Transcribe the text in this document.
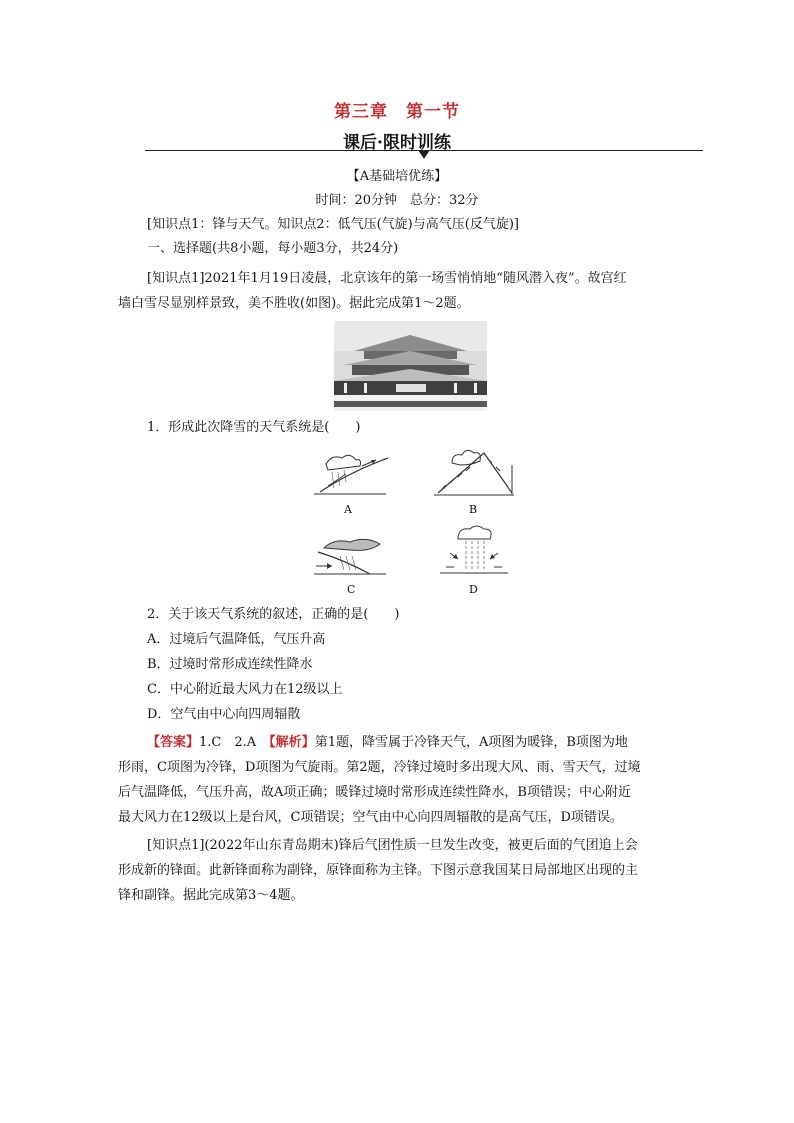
第三章　第一节
课后·限时训练
【A基础培优练】
时间：20分钟　总分：32分
[知识点1：锋与天气。知识点2：低气压(气旋)与高气压(反气旋)]
一、选择题(共8小题，每小题3分，共24分)
[知识点1]2021年1月19日凌晨，北京该年的第一场雪悄悄地“随风潜入夜”。故宫红
墙白雪尽显别样景致，美不胜收(如图)。据此完成第1～2题。
1．形成此次降雪的天气系统是(　　)
A	B
C	D
2．关于该天气系统的叙述，正确的是(　　)
A．过境后气温降低，气压升高
B．过境时常形成连续性降水
C．中心附近最大风力在12级以上
D．空气由中心向四周辐散
【答案】1.C　2.A　【解析】第1题，降雪属于冷锋天气，A项图为暖锋，B项图为地
形雨，C项图为冷锋，D项图为气旋雨。第2题，冷锋过境时多出现大风、雨、雪天气，过境
后气温降低，气压升高，故A项正确；暖锋过境时常形成连续性降水，B项错误；中心附近
最大风力在12级以上是台风，C项错误；空气由中心向四周辐散的是高气压，D项错误。
[知识点1](2022年山东青岛期末)锋后气团性质一旦发生改变，被更后面的气团追上会
形成新的锋面。此新锋面称为副锋，原锋面称为主锋。下图示意我国某日局部地区出现的主
锋和副锋。据此完成第3～4题。
